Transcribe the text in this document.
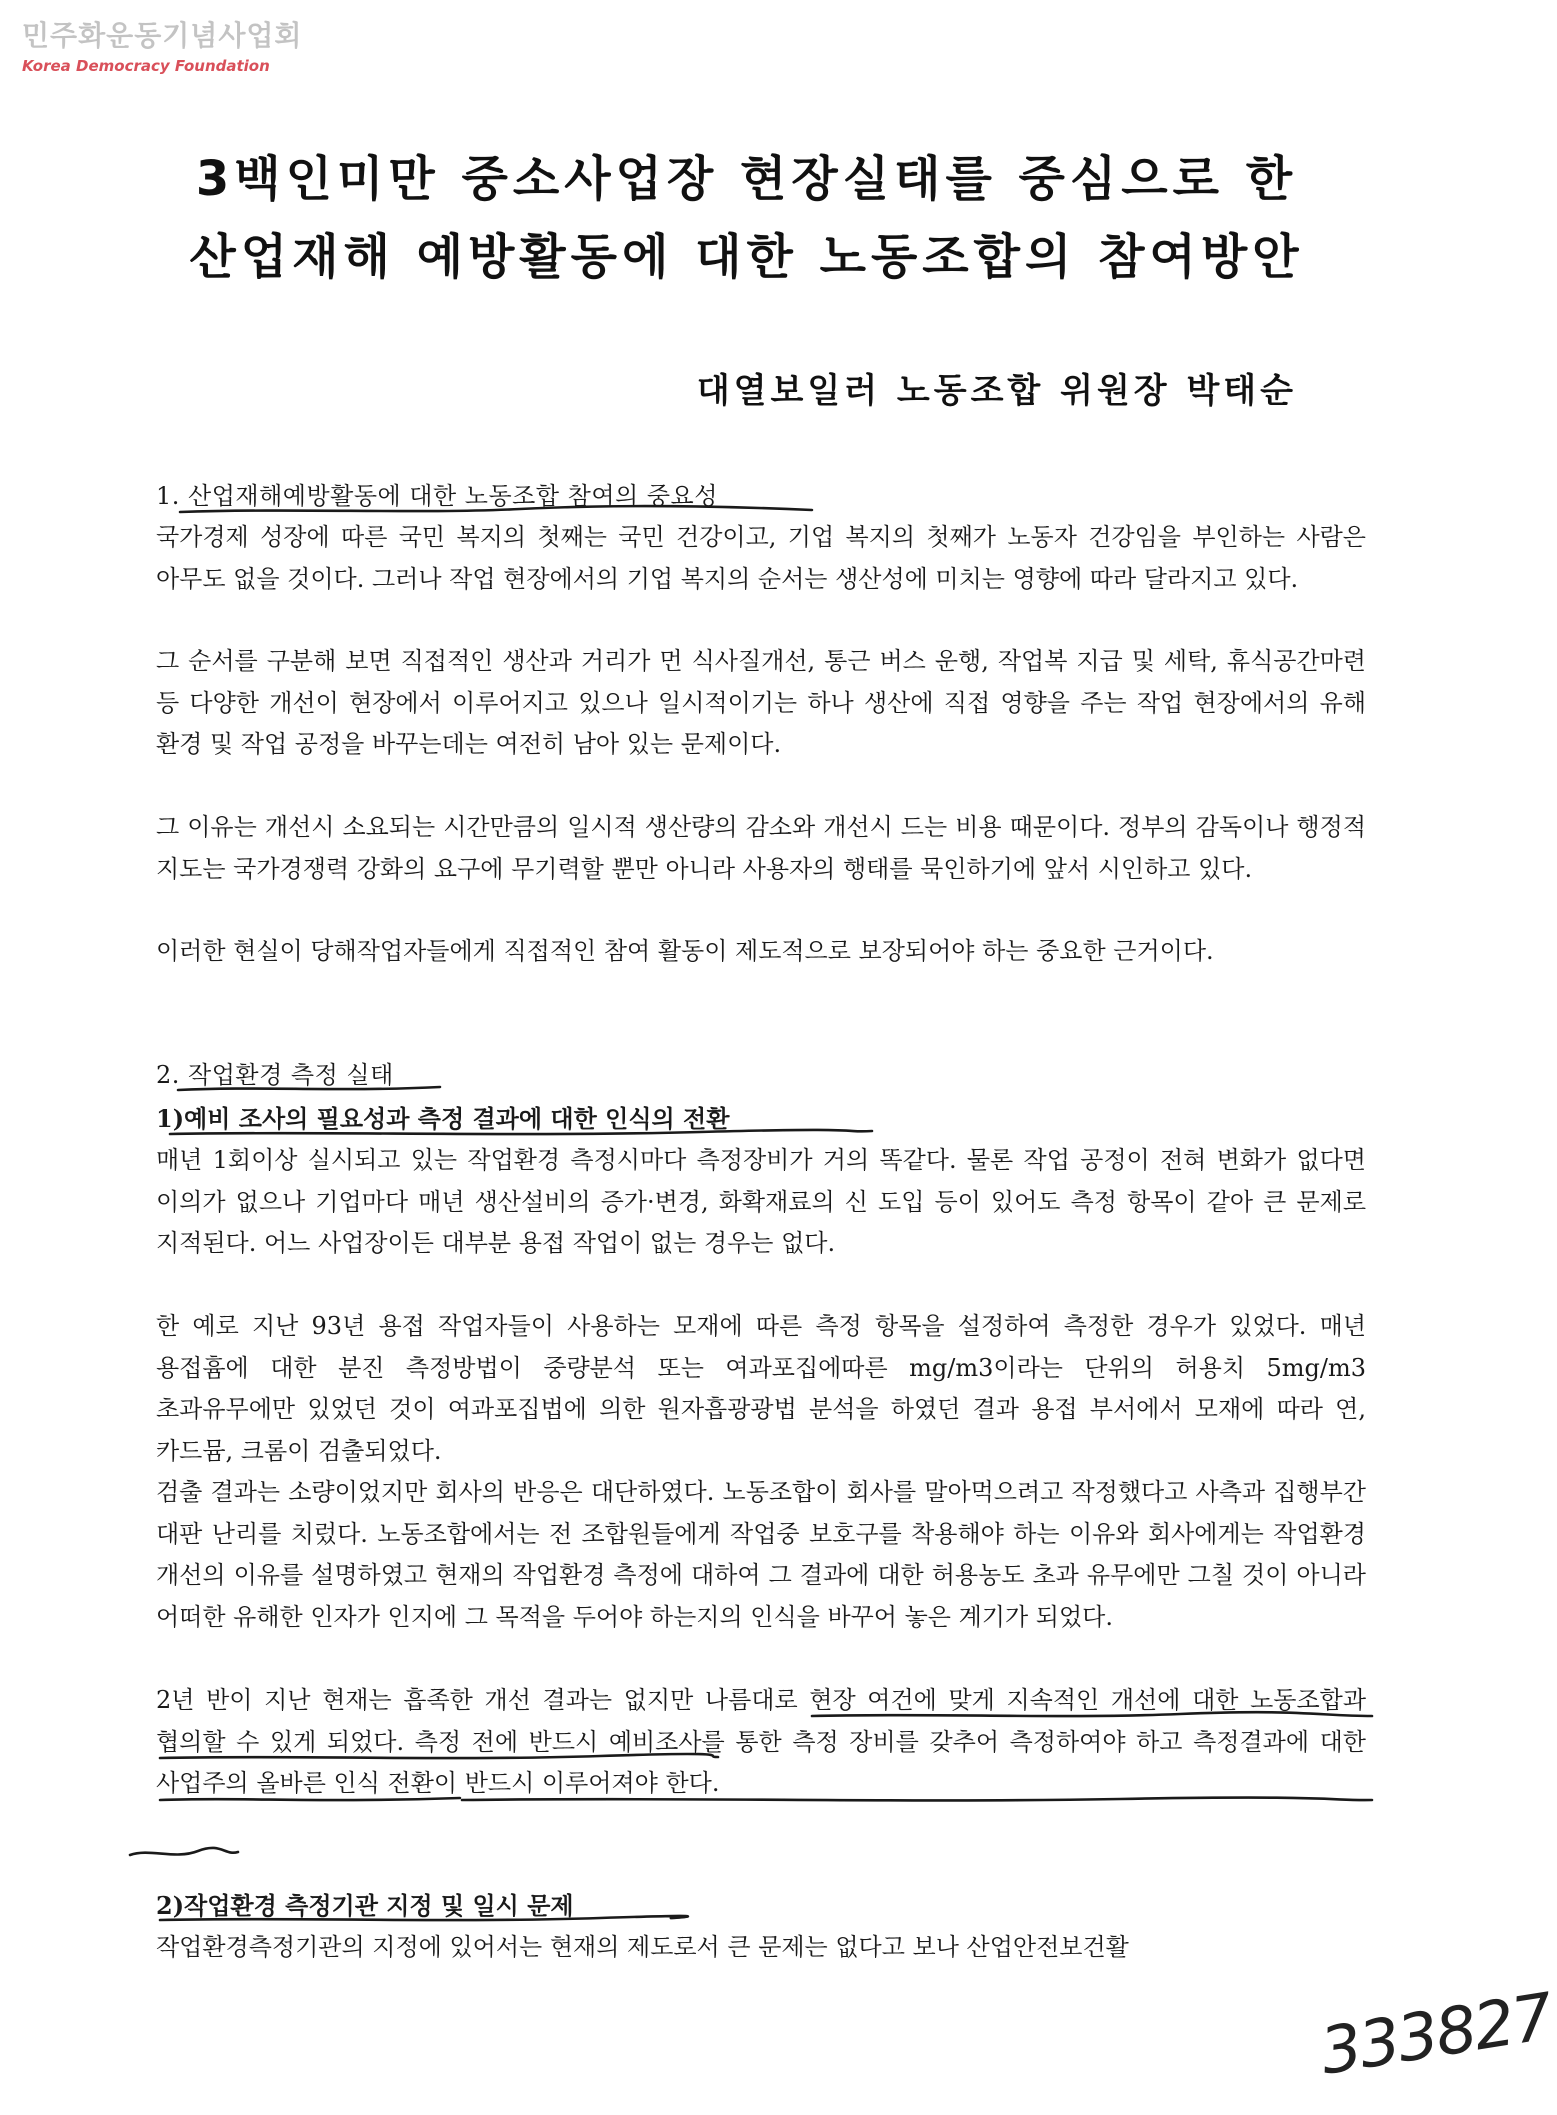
민주화운동기념사업회
Korea Democracy Foundation
3백인미만 중소사업장 현장실태를 중심으로 한
산업재해 예방활동에 대한 노동조합의 참여방안
대열보일러 노동조합 위원장 박태순
1. 산업재해예방활동에 대한 노동조합 참여의 중요성
국가경제 성장에 따른 국민 복지의 첫째는 국민 건강이고, 기업 복지의 첫째가 노동자 건강임을 부인하는 사람은 아무도 없을 것이다. 그러나 작업 현장에서의 기업 복지의 순서는 생산성에 미치는 영향에 따라 달라지고 있다.
그 순서를 구분해 보면 직접적인 생산과 거리가 먼 식사질개선, 통근 버스 운행, 작업복 지급 및 세탁, 휴식공간마련 등 다양한 개선이 현장에서 이루어지고 있으나 일시적이기는 하나 생산에 직접 영향을 주는 작업 현장에서의 유해 환경 및 작업 공정을 바꾸는데는 여전히 남아 있는 문제이다.
그 이유는 개선시 소요되는 시간만큼의 일시적 생산량의 감소와 개선시 드는 비용 때문이다. 정부의 감독이나 행정적 지도는 국가경쟁력 강화의 요구에 무기력할 뿐만 아니라 사용자의 행태를 묵인하기에 앞서 시인하고 있다.
이러한 현실이 당해작업자들에게 직접적인 참여 활동이 제도적으로 보장되어야 하는 중요한 근거이다.
2. 작업환경 측정 실태
1)예비 조사의 필요성과 측정 결과에 대한 인식의 전환
매년 1회이상 실시되고 있는 작업환경 측정시마다 측정장비가 거의 똑같다. 물론 작업 공정이 전혀 변화가 없다면 이의가 없으나 기업마다 매년 생산설비의 증가·변경, 화확재료의 신 도입 등이 있어도 측정 항목이 같아 큰 문제로 지적된다. 어느 사업장이든 대부분 용접 작업이 없는 경우는 없다.
한 예로 지난 93년 용접 작업자들이 사용하는 모재에 따른 측정 항목을 설정하여 측정한 경우가 있었다. 매년 용접흄에 대한 분진 측정방법이 중량분석 또는 여과포집에따른 mg/m3이라는 단위의 허용치 5mg/m3 초과유무에만 있었던 것이 여과포집법에 의한 원자흡광광법 분석을 하였던 결과 용접 부서에서 모재에 따라 연, 카드뮴, 크롬이 검출되었다.
검출 결과는 소량이었지만 회사의 반응은 대단하였다. 노동조합이 회사를 말아먹으려고 작정했다고 사측과 집행부간 대판 난리를 치렀다. 노동조합에서는 전 조합원들에게 작업중 보호구를 착용해야 하는 이유와 회사에게는 작업환경 개선의 이유를 설명하였고 현재의 작업환경 측정에 대하여 그 결과에 대한 허용농도 초과 유무에만 그칠 것이 아니라 어떠한 유해한 인자가 인지에 그 목적을 두어야 하는지의 인식을 바꾸어 놓은 계기가 되었다.
2년 반이 지난 현재는 흡족한 개선 결과는 없지만 나름대로 현장 여건에 맞게 지속적인 개선에 대한 노동조합과 협의할 수 있게 되었다. 측정 전에 반드시 예비조사를 통한 측정 장비를 갖추어 측정하여야 하고 측정결과에 대한 사업주의 올바른 인식 전환이 반드시 이루어져야 한다.
2)작업환경 측정기관 지정 및 일시 문제
작업환경측정기관의 지정에 있어서는 현재의 제도로서 큰 문제는 없다고 보나 산업안전보건활
333827
